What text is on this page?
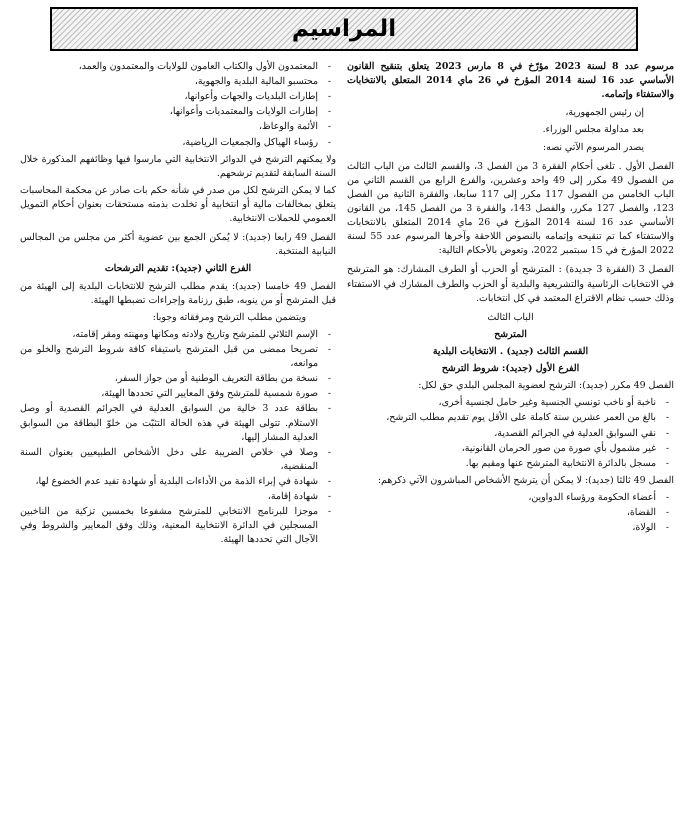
المراسيم

مرسوم عدد 8 لسنة 2023 مؤرّخ في 8 مارس 2023 يتعلق بتنقيح القانون الأساسي عدد 16 لسنة 2014 المؤرخ في 26 ماي 2014 المتعلق بالانتخابات والاستفتاء وإتمامه.

إن رئيس الجمهورية،

بعد مداولة مجلس الوزراء.

يصدر المرسوم الآتي نصه:

الفصل الأول . تلغى أحكام الفقرة 3 من الفصل 3، والقسم الثالث من الباب الثالث من الفصول 49 مكرر إلى 49 واحد وعشرين، والفرع الرابع من القسم الثاني من الباب الخامس من الفصول 117 مكرر إلى 117 سابعا، والفقرة الثانية من الفصل 123، والفصل 127 مكرر، والفصل 143، والفقرة 3 من الفصل 145، من القانون الأساسي عدد 16 لسنة 2014 المؤرخ في 26 ماي 2014 المتعلق بالانتخابات والاستفتاء كما تم تنقيحه وإتمامه بالنصوص اللاحقة وآخرها المرسوم عدد 55 لسنة 2022 المؤرخ في 15 سبتمبر 2022، وتعوض بالأحكام التالية:

الفصل 3 (الفقرة 3 جديدة) : المترشح أو الحزب أو الطرف المشارك: هو المترشح في الانتخابات الرئاسية والتشريعية والبلدية أو الحزب والطرف المشارك في الاستفتاء وذلك حسب نظام الاقتراع المعتمد في كل انتخابات.

الباب الثالث

المترشح

القسم الثالث (جديد) . الانتخابات البلدية

الفرع الأول (جديد): شروط الترشح

الفصل 49 مكرر (جديد): الترشح لعضوية المجلس البلدي حق لكل:

- ناخبة أو ناخب تونسي الجنسية وغير حامل لجنسية أخرى،
- بالغ من العمر عشرين سنة كاملة على الأقل يوم تقديم مطلب الترشح،
- نقي السوابق العدلية في الجرائم القصدية،
- غير مشمول بأي صورة من صور الحرمان القانونية،
- مسجل بالدائرة الانتخابية المترشح عنها ومقيم بها.

الفصل 49 ثالثا (جديد): لا يمكن أن يترشح الأشخاص المباشرون الآتي ذكرهم:

- أعضاء الحكومة ورؤساء الدواوين،
- القضاة،
- الولاة،
- المعتمدون الأول والكتاب العامون للولايات والمعتمدون والعمد،
- محتسبو المالية البلدية والجهوية،
- إطارات البلديات والجهات وأعوانها،
- إطارات الولايات والمعتمديات وأعوانها،
- الأئمة والوعاظ،
- رؤساء الهياكل والجمعيات الرياضية،

ولا يمكنهم الترشح في الدوائر الانتخابية التي مارسوا فيها وظائفهم المذكورة خلال السنة السابقة لتقديم ترشحهم.

كما لا يمكن الترشح لكل من صدر في شأنه حكم بات صادر عن محكمة المحاسبات يتعلق بمخالفات مالية أو انتخابية أو تخلدت بذمته مستحقات بعنوان أحكام التمويل العمومي للحملات الانتخابية.

الفصل 49 رابعا (جديد): لا يُمكن الجمع بين عضوية أكثر من مجلس من المجالس النيابية المنتخبة.

الفرع الثاني (جديد): تقديم الترشحات

الفصل 49 خامسا (جديد): يقدم مطلب الترشح للانتخابات البلدية إلى الهيئة من قبل المترشح أو من ينوبه، طبق رزنامة وإجراءات تضبطها الهيئة.

ويتضمن مطلب الترشح ومرفقاته وجوبا:

- الإسم الثلاثي للمترشح وتاريخ ولادته ومكانها ومهنته ومقر إقامته،
- تصريحا ممضى من قبل المترشح باستيفاء كافة شروط الترشح والخلو من موانعه،
- نسخة من بطاقة التعريف الوطنية أو من جواز السفر،
- صورة شمسية للمترشح وفق المعايير التي تحددها الهيئة،
- بطاقة عدد 3 خالية من السوابق العدلية في الجرائم القصدية أو وصل الاستلام. تتولى الهيئة في هذه الحالة التثبّت من خلوّ البطاقة من السوابق العدلية المشار إليها،
- وصلا في خلاص الضريبة على دخل الأشخاص الطبيعيين بعنوان السنة المنقضية،
- شهادة في إبراء الذمة من الأداءات البلدية أو شهادة تفيد عدم الخضوع لها،
- شهادة إقامة،
- موجزا للبرنامج الانتخابي للمترشح مشفوعا بخمسين تزكية من الناخبين المسجلين في الدائرة الانتخابية المعنية، وذلك وفق المعايير والشروط وفي الآجال التي تحددها الهيئة.
